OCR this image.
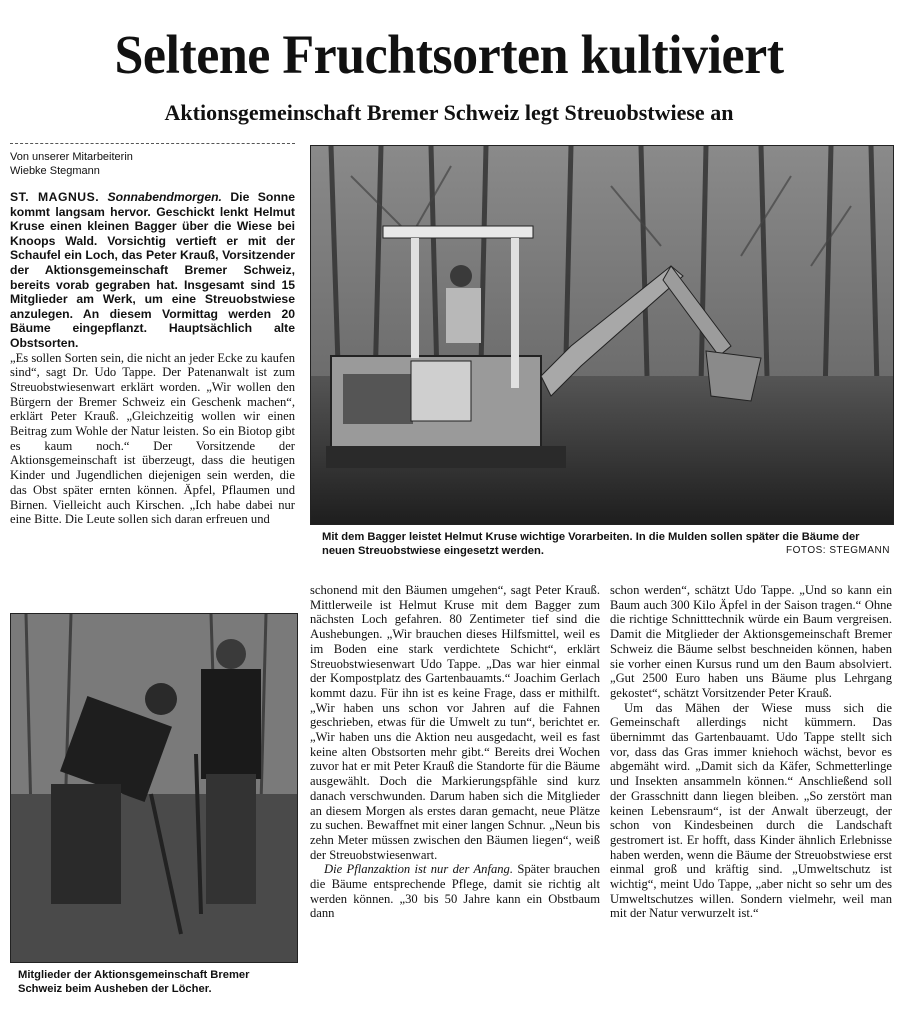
Seltene Fruchtsorten kultiviert
Aktionsgemeinschaft Bremer Schweiz legt Streuobstwiese an
Von unserer Mitarbeiterin
Wiebke Stegmann

ST. MAGNUS. Sonnabendmorgen. Die Sonne kommt langsam hervor. Geschickt lenkt Helmut Kruse einen kleinen Bagger über die Wiese bei Knoops Wald. Vorsichtig vertieft er mit der Schaufel ein Loch, das Peter Krauß, Vorsitzender der Aktionsgemeinschaft Bremer Schweiz, bereits vorab gegraben hat. Insgesamt sind 15 Mitglieder am Werk, um eine Streuobstwiese anzulegen. An diesem Vormittag werden 20 Bäume eingepflanzt. Hauptsächlich alte Obstsorten.

„Es sollen Sorten sein, die nicht an jeder Ecke zu kaufen sind“, sagt Dr. Udo Tappe. Der Patenanwalt ist zum Streuobstwiesenwart erklärt worden. „Wir wollen den Bürgern der Bremer Schweiz ein Geschenk machen“, erklärt Peter Krauß. „Gleichzeitig wollen wir einen Beitrag zum Wohle der Natur leisten. So ein Biotop gibt es kaum noch.“ Der Vorsitzende der Aktionsgemeinschaft ist überzeugt, dass die heutigen Kinder und Jugendlichen diejenigen sein werden, die das Obst später ernten können. Äpfel, Pflaumen und Birnen. Vielleicht auch Kirschen. „Ich habe dabei nur eine Bitte. Die Leute sollen sich daran erfreuen und

Mit dem Bagger leistet Helmut Kruse wichtige Vorarbeiten. In die Mulden sollen später die Bäume der neuen Streuobstwiese eingesetzt werden.	FOTOS: STEGMANN
Mitglieder der Aktionsgemeinschaft Bremer Schweiz beim Ausheben der Löcher.

schonend mit den Bäumen umgehen“, sagt Peter Krauß. Mittlerweile ist Helmut Kruse mit dem Bagger zum nächsten Loch gefahren. 80 Zentimeter tief sind die Aushebungen. „Wir brauchen dieses Hilfsmittel, weil es im Boden eine stark verdichtete Schicht“, erklärt Streuobstwiesenwart Udo Tappe. „Das war hier einmal der Kompostplatz des Gartenbauamts.“ Joachim Gerlach kommt dazu. Für ihn ist es keine Frage, dass er mithilft. „Wir haben uns schon vor Jahren auf die Fahnen geschrieben, etwas für die Umwelt zu tun“, berichtet er. „Wir haben uns die Aktion neu ausgedacht, weil es fast keine alten Obstsorten mehr gibt.“ Bereits drei Wochen zuvor hat er mit Peter Krauß die Standorte für die Bäume ausgewählt. Doch die Markierungspfähle sind kurz danach verschwunden. Darum haben sich die Mitglieder an diesem Morgen als erstes daran gemacht, neue Plätze zu suchen. Bewaffnet mit einer langen Schnur. „Neun bis zehn Meter müssen zwischen den Bäumen liegen“, weiß der Streuobstwiesenwart.

Die Pflanzaktion ist nur der Anfang. Später brauchen die Bäume entsprechende Pflege, damit sie richtig alt werden können. „30 bis 50 Jahre kann ein Obstbaum dann

schon werden“, schätzt Udo Tappe. „Und so kann ein Baum auch 300 Kilo Äpfel in der Saison tragen.“ Ohne die richtige Schnitttechnik würde ein Baum vergreisen. Damit die Mitglieder der Aktionsgemeinschaft Bremer Schweiz die Bäume selbst beschneiden können, haben sie vorher einen Kursus rund um den Baum absolviert. „Gut 2500 Euro haben uns Bäume plus Lehrgang gekostet“, schätzt Vorsitzender Peter Krauß.

Um das Mähen der Wiese muss sich die Gemeinschaft allerdings nicht kümmern. Das übernimmt das Gartenbauamt. Udo Tappe stellt sich vor, dass das Gras immer kniehoch wächst, bevor es abgemäht wird. „Damit sich da Käfer, Schmetterlinge und Insekten ansammeln können.“ Anschließend soll der Grasschnitt dann liegen bleiben. „So zerstört man keinen Lebensraum“, ist der Anwalt überzeugt, der schon von Kindesbeinen durch die Landschaft gestromert ist. Er hofft, dass Kinder ähnlich Erlebnisse haben werden, wenn die Bäume der Streuobstwiese erst einmal groß und kräftig sind. „Umweltschutz ist wichtig“, meint Udo Tappe, „aber nicht so sehr um des Umweltschutzes willen. Sondern vielmehr, weil man mit der Natur verwurzelt ist.“
